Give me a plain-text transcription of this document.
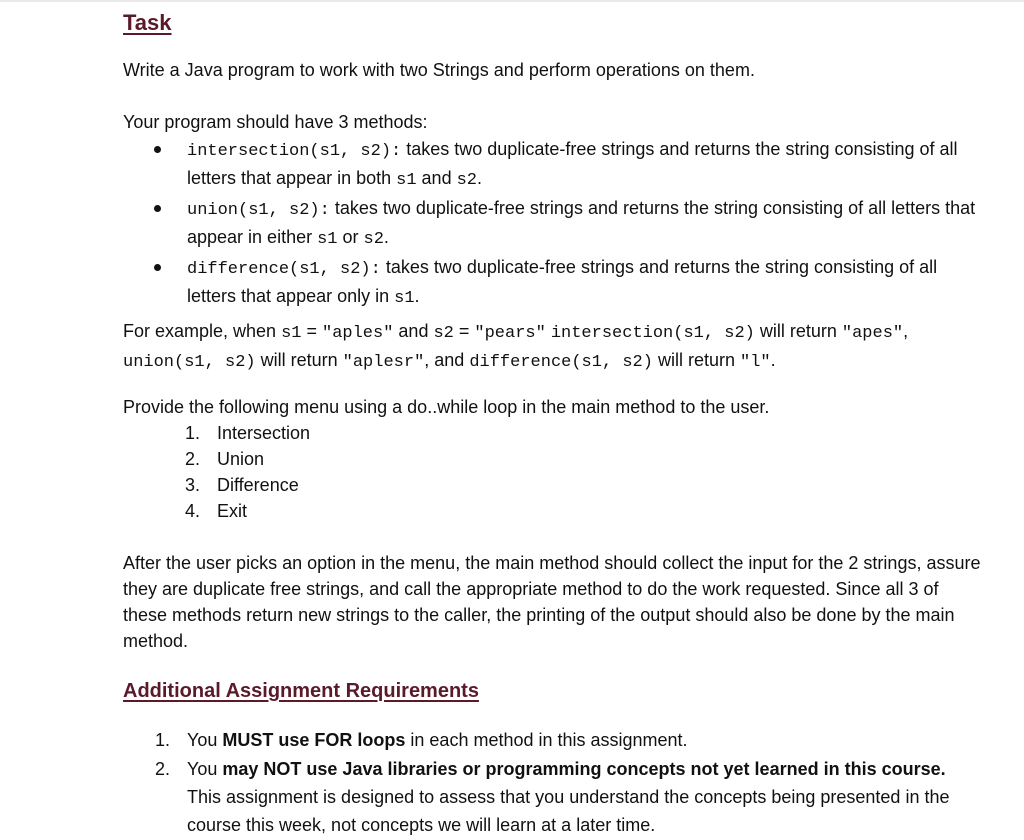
Task

Write a Java program to work with two Strings and perform operations on them.

Your program should have 3 methods:

intersection(s1, s2): takes two duplicate-free strings and returns the string consisting of all letters that appear in both s1 and s2.
union(s1, s2): takes two duplicate-free strings and returns the string consisting of all letters that appear in either s1 or s2.
difference(s1, s2): takes two duplicate-free strings and returns the string consisting of all letters that appear only in s1.

For example, when s1 = "aples" and s2 = "pears" intersection(s1, s2) will return "apes", union(s1, s2) will return "aplesr", and difference(s1, s2) will return "l".

Provide the following menu using a do..while loop in the main method to the user.

1. Intersection
2. Union
3. Difference
4. Exit

After the user picks an option in the menu, the main method should collect the input for the 2 strings, assure they are duplicate free strings, and call the appropriate method to do the work requested. Since all 3 of these methods return new strings to the caller, the printing of the output should also be done by the main method.

Additional Assignment Requirements
1. You MUST use FOR loops in each method in this assignment.
2. You may NOT use Java libraries or programming concepts not yet learned in this course. This assignment is designed to assess that you understand the concepts being presented in the course this week, not concepts we will learn at a later time.
